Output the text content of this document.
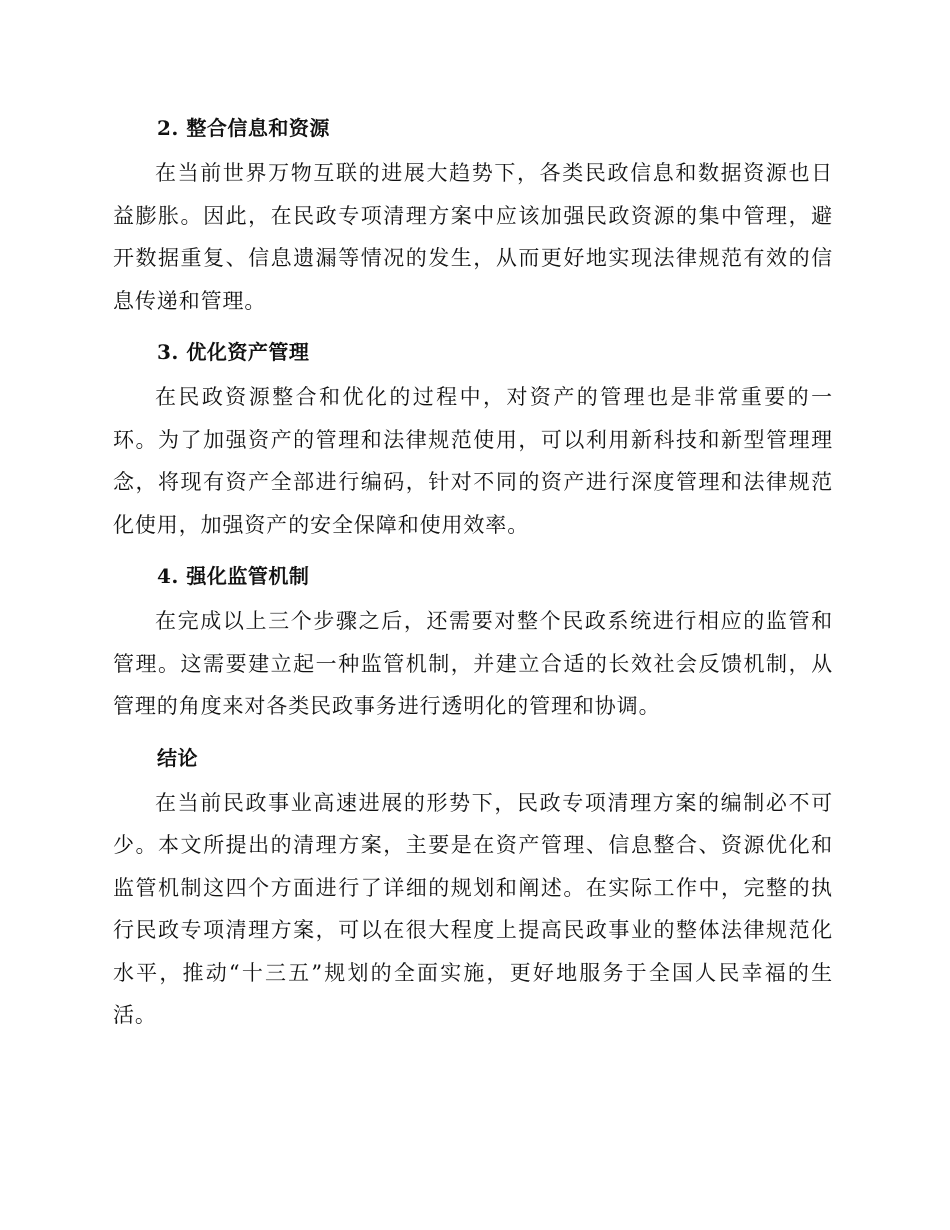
2. 整合信息和资源

在当前世界万物互联的进展大趋势下，各类民政信息和数据资源也日益膨胀。因此，在民政专项清理方案中应该加强民政资源的集中管理，避开数据重复、信息遗漏等情况的发生，从而更好地实现法律规范有效的信息传递和管理。

3. 优化资产管理

在民政资源整合和优化的过程中，对资产的管理也是非常重要的一环。为了加强资产的管理和法律规范使用，可以利用新科技和新型管理理念，将现有资产全部进行编码，针对不同的资产进行深度管理和法律规范化使用，加强资产的安全保障和使用效率。

4. 强化监管机制

在完成以上三个步骤之后，还需要对整个民政系统进行相应的监管和管理。这需要建立起一种监管机制，并建立合适的长效社会反馈机制，从管理的角度来对各类民政事务进行透明化的管理和协调。

结论

在当前民政事业高速进展的形势下，民政专项清理方案的编制必不可少。本文所提出的清理方案，主要是在资产管理、信息整合、资源优化和监管机制这四个方面进行了详细的规划和阐述。在实际工作中，完整的执行民政专项清理方案，可以在很大程度上提高民政事业的整体法律规范化水平，推动“十三五”规划的全面实施，更好地服务于全国人民幸福的生活。
